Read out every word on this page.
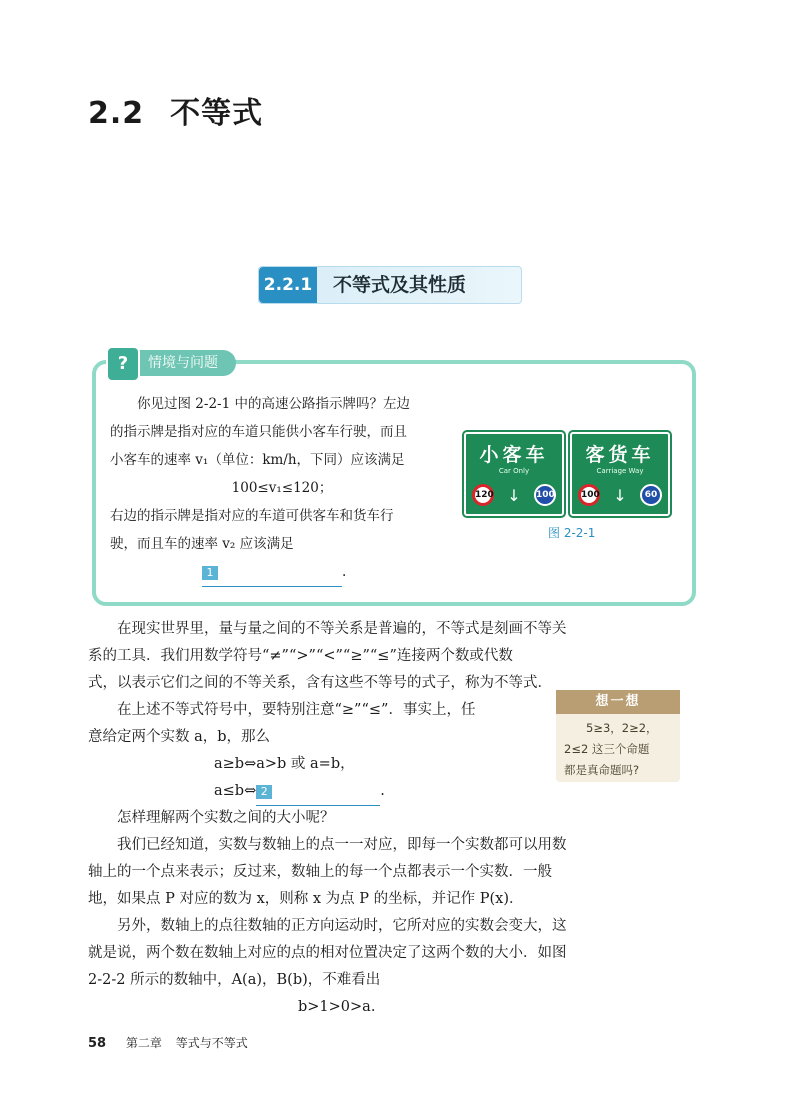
2.2 不等式
2.2.1 不等式及其性质
情境与问题
?

你见过图 2-2-1 中的高速公路指示牌吗？左边

的指示牌是指对应的车道只能供小客车行驶，而且

小客车的速率 v₁（单位：km/h，下同）应该满足

100≤v₁≤120；

右边的指示牌是指对应的车道可供客车和货车行

驶，而且车的速率 v₂ 应该满足

1	.

小客车
Car Only
120 ↓ 100
客货车
Carriage Way
100 ↓	60
图 2-2-1

在现实世界里，量与量之间的不等关系是普遍的，不等式是刻画不等关

系的工具．我们用数学符号“≠”“>”“<”“≥”“≤”连接两个数或代数

式，以表示它们之间的不等关系，含有这些不等号的式子，称为不等式．

在上述不等式符号中，要特别注意“≥”“≤”．事实上，任

意给定两个实数 a，b，那么

a≥b⇔a>b 或 a=b，

a≤b⇔ 2	.

想一想
5≥3，2≥2，
2≤2 这三个命题
都是真命题吗?

怎样理解两个实数之间的大小呢？

我们已经知道，实数与数轴上的点一一对应，即每一个实数都可以用数

轴上的一个点来表示；反过来，数轴上的每一个点都表示一个实数．一般

地，如果点 P 对应的数为 x，则称 x 为点 P 的坐标，并记作 P(x)．

另外，数轴上的点往数轴的正方向运动时，它所对应的实数会变大，这

就是说，两个数在数轴上对应的点的相对位置决定了这两个数的大小．如图

2-2-2 所示的数轴中，A(a)，B(b)，不难看出

b>1>0>a.

58 第二章 等式与不等式
